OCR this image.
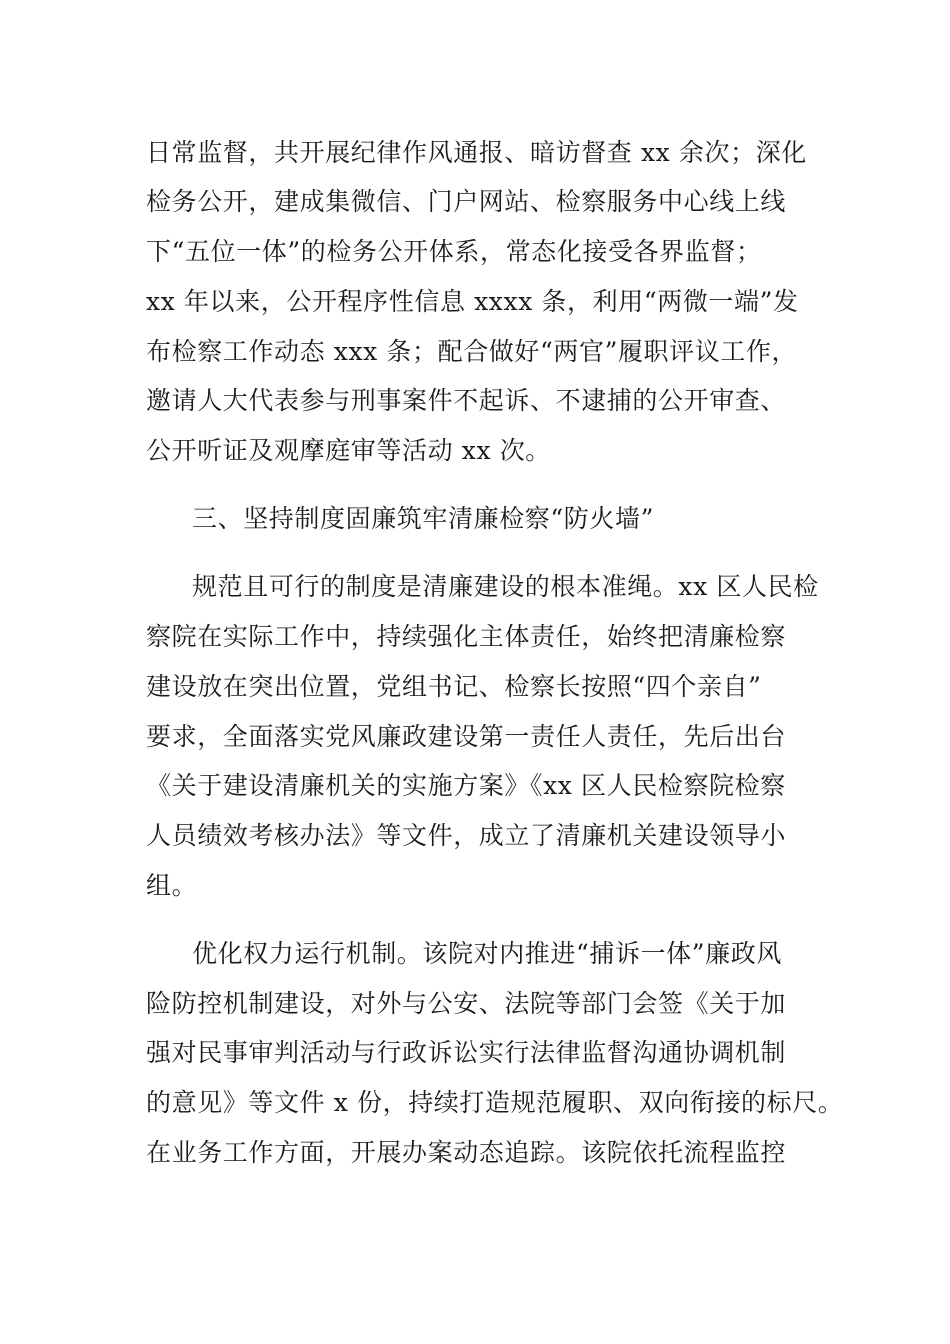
日常监督，共开展纪律作风通报、暗访督查 xx 余次；深化
检务公开，建成集微信、门户网站、检察服务中心线上线
下“五位一体”的检务公开体系，常态化接受各界监督；
xx 年以来，公开程序性信息 xxxx 条，利用“两微一端”发
布检察工作动态 xxx 条；配合做好“两官”履职评议工作，
邀请人大代表参与刑事案件不起诉、不逮捕的公开审查、
公开听证及观摩庭审等活动 xx 次。
三、坚持制度固廉筑牢清廉检察“防火墙”
规范且可行的制度是清廉建设的根本准绳。xx 区人民检
察院在实际工作中，持续强化主体责任，始终把清廉检察
建设放在突出位置，党组书记、检察长按照“四个亲自”
要求，全面落实党风廉政建设第一责任人责任，先后出台
《关于建设清廉机关的实施方案》《xx 区人民检察院检察
人员绩效考核办法》等文件，成立了清廉机关建设领导小
组。
优化权力运行机制。该院对内推进“捕诉一体”廉政风
险防控机制建设，对外与公安、法院等部门会签《关于加
强对民事审判活动与行政诉讼实行法律监督沟通协调机制
的意见》等文件 x 份，持续打造规范履职、双向衔接的标尺。
在业务工作方面，开展办案动态追踪。该院依托流程监控
